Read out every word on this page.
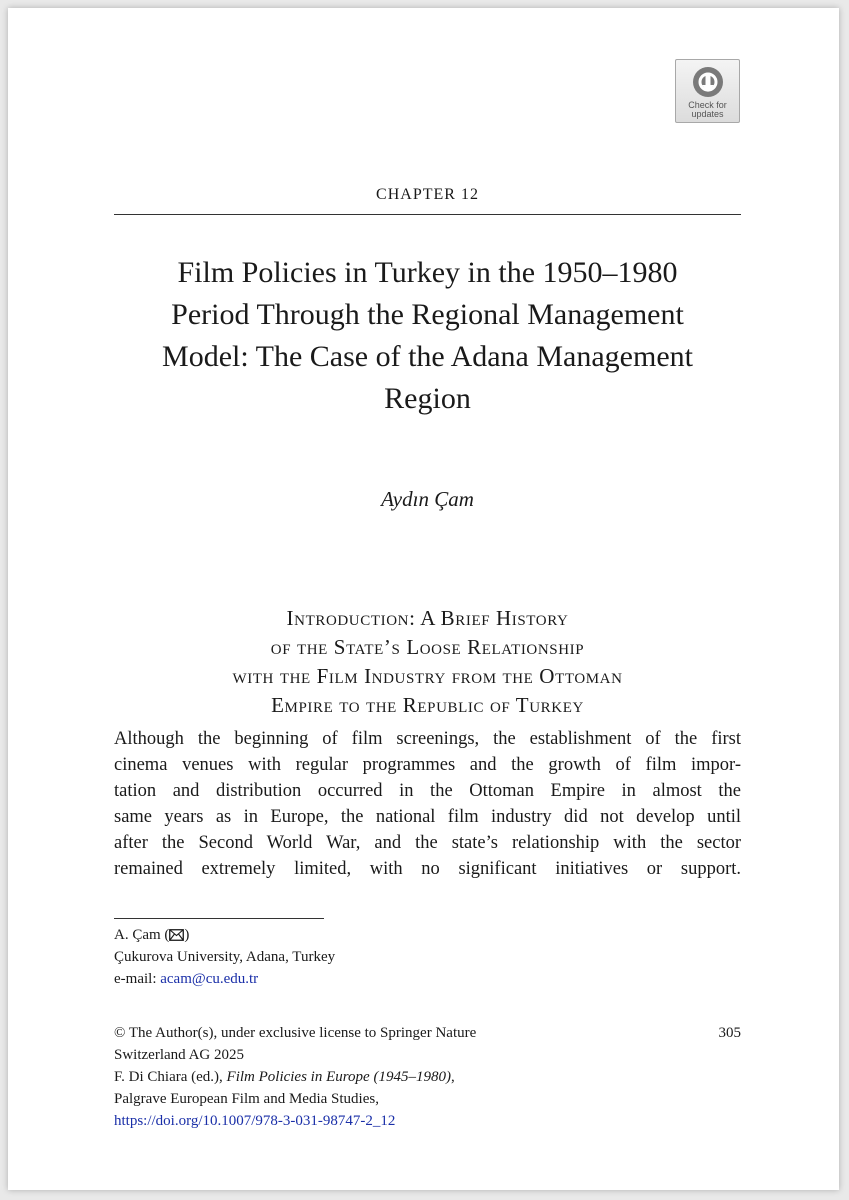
Check for
updates
CHAPTER 12
Film Policies in Turkey in the 1950–1980
Period Through the Regional Management
Model: The Case of the Adana Management
Region
Aydın Çam
Introduction: A Brief History
of the State’s Loose Relationship
with the Film Industry from the Ottoman
Empire to the Republic of Turkey
Although the beginning of film screenings, the establishment of the first
cinema venues with regular programmes and the growth of film impor-
tation and distribution occurred in the Ottoman Empire in almost the
same years as in Europe, the national film industry did not develop until
after the Second World War, and the state’s relationship with the sector
remained extremely limited, with no significant initiatives or support.
A. Çam ( )
Çukurova University, Adana, Turkey
e-mail: acam@cu.edu.tr
© The Author(s), under exclusive license to Springer Nature
Switzerland AG 2025
F. Di Chiara (ed.), Film Policies in Europe (1945–1980),
Palgrave European Film and Media Studies,
https://doi.org/10.1007/978-3-031-98747-2_12
305
